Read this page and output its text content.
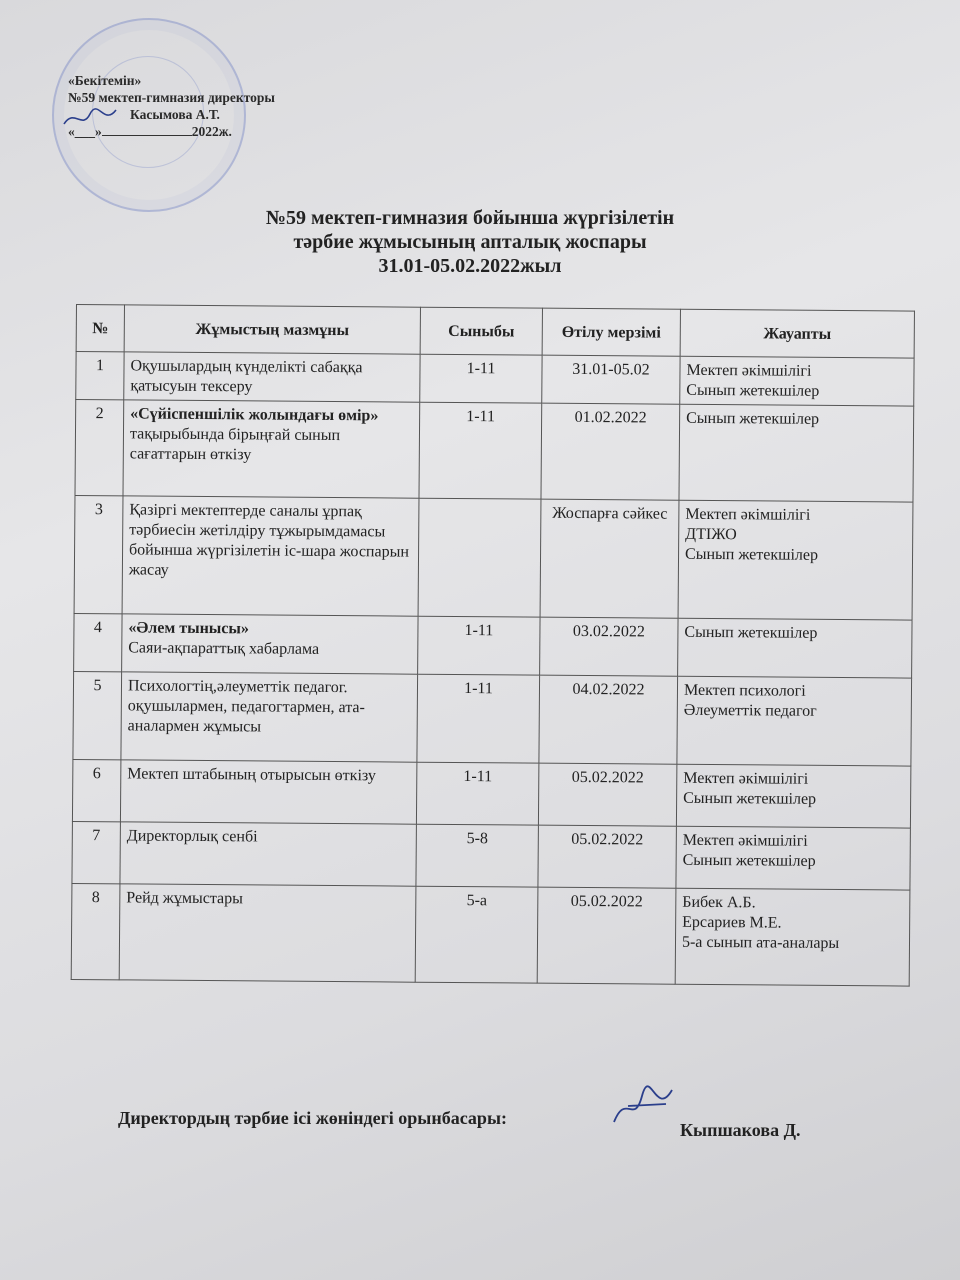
«Бекітемін»
№59 мектеп-гимназия директоры
Касымова А.Т.
«___»	2022ж.
№59 мектеп-гимназия бойынша жүргізілетін
тәрбие жұмысының апталық жоспары
31.01-05.02.2022жыл
№	Жұмыстың мазмұны	Сыныбы	Өтілу мерзімі	Жауапты
1	Оқушылардың күнделікті сабаққа қатысуын тексеру	1-11	31.01-05.02	Мектеп әкімшілігі
Сынып жетекшілер
2	«Сүйіспеншілік жолындағы өмір»
тақырыбында бірыңғай сынып сағаттарын өткізу	1-11	01.02.2022	Сынып жетекшілер
3	Қазіргі мектептерде саналы ұрпақ тәрбиесін жетілдіру тұжырымдамасы бойынша жүргізілетін іс-шара жоспарын жасау		Жоспарға сәйкес	Мектеп әкімшілігі
ДТІЖО
Сынып жетекшілер
4	«Әлем тынысы»
Саяи-ақпараттық хабарлама	1-11	03.02.2022	Сынып жетекшілер
5	Психологтің,әлеуметтік педагог. оқушылармен, педагогтармен, ата-аналармен жұмысы	1-11	04.02.2022	Мектеп психологі
Әлеуметтік педагог
6	Мектеп штабының отырысын өткізу	1-11	05.02.2022	Мектеп әкімшілігі
Сынып жетекшілер
7	Директорлық сенбі	5-8	05.02.2022	Мектеп әкімшілігі
Сынып жетекшілер
8	Рейд жұмыстары	5-а	05.02.2022	Бибек А.Б.
Ерсариев М.Е.
5-а сынып ата-аналары
Директордың тәрбие ісі жөніндегі орынбасары:
Кыпшакова Д.
